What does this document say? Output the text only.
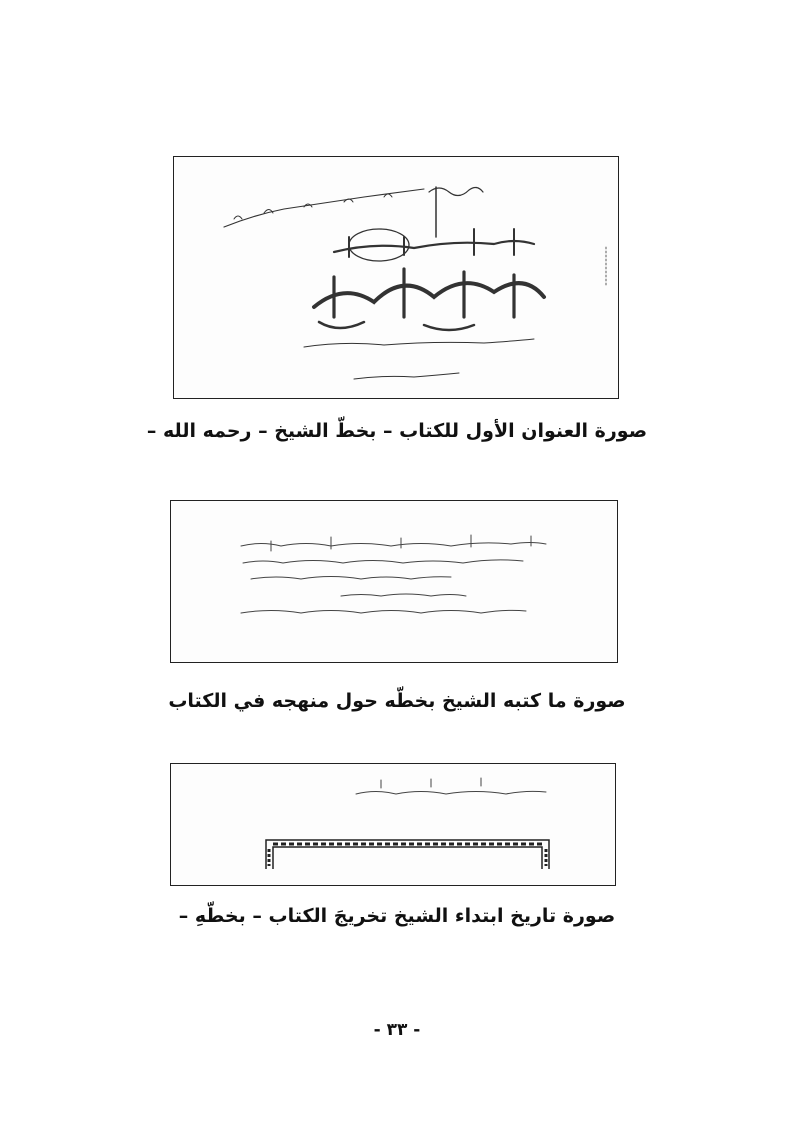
صورة العنوان الأول للكتاب – بخطّ الشيخ – رحمه الله –
صورة ما كتبه الشيخ بخطّه حول منهجه في الكتاب
صورة تاريخ ابتداء الشيخ تخريجَ الكتاب – بخطّهِ –
- ٣٣ -
